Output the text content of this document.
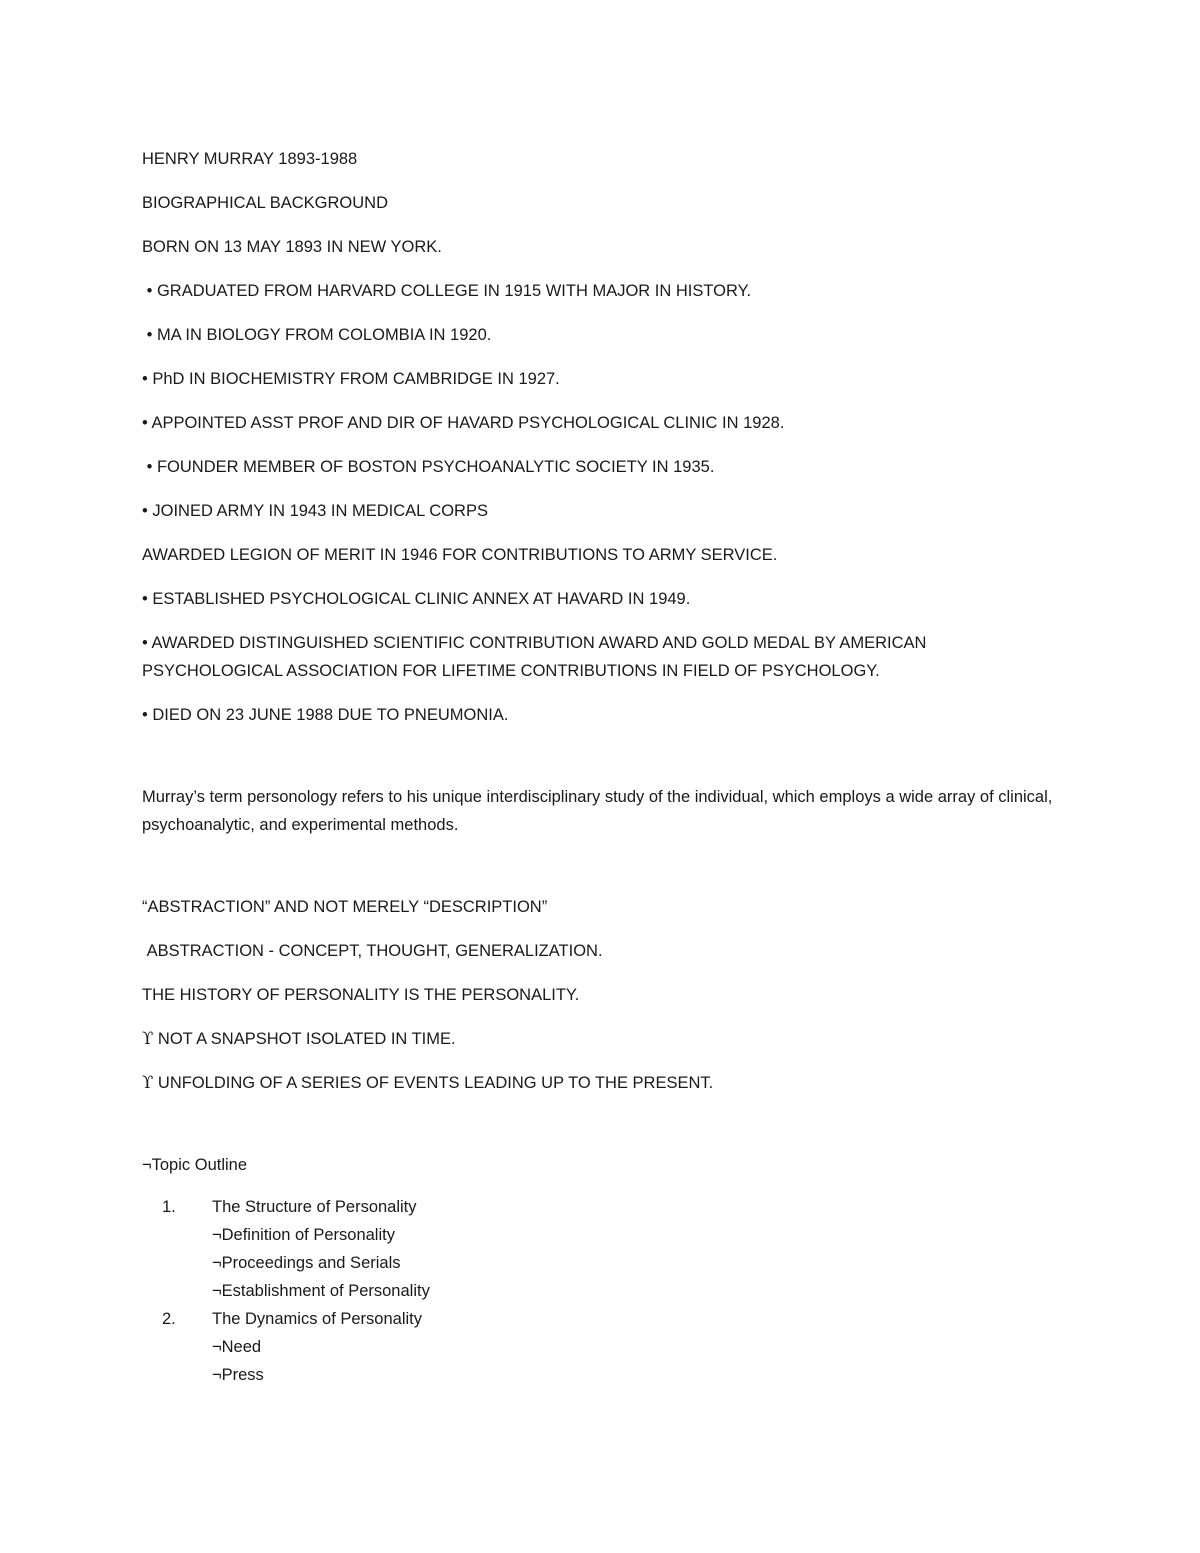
HENRY MURRAY 1893-1988

BIOGRAPHICAL BACKGROUND

BORN ON 13 MAY 1893 IN NEW YORK.

• GRADUATED FROM HARVARD COLLEGE IN 1915 WITH MAJOR IN HISTORY.

• MA IN BIOLOGY FROM COLOMBIA IN 1920.

• PhD IN BIOCHEMISTRY FROM CAMBRIDGE IN 1927.

• APPOINTED ASST PROF AND DIR OF HAVARD PSYCHOLOGICAL CLINIC IN 1928.

• FOUNDER MEMBER OF BOSTON PSYCHOANALYTIC SOCIETY IN 1935.

• JOINED ARMY IN 1943 IN MEDICAL CORPS

AWARDED LEGION OF MERIT IN 1946 FOR CONTRIBUTIONS TO ARMY SERVICE.

• ESTABLISHED PSYCHOLOGICAL CLINIC ANNEX AT HAVARD IN 1949.

• AWARDED DISTINGUISHED SCIENTIFIC CONTRIBUTION AWARD AND GOLD MEDAL BY AMERICAN PSYCHOLOGICAL ASSOCIATION FOR LIFETIME CONTRIBUTIONS IN FIELD OF PSYCHOLOGY.

• DIED ON 23 JUNE 1988 DUE TO PNEUMONIA.

Murray’s term personology refers to his unique interdisciplinary study of the individual, which employs a wide array of clinical, psychoanalytic, and experimental methods.

“ABSTRACTION” AND NOT MERELY “DESCRIPTION”

ABSTRACTION - CONCEPT, THOUGHT, GENERALIZATION.

THE HISTORY OF PERSONALITY IS THE PERSONALITY.

ϒ NOT A SNAPSHOT ISOLATED IN TIME.

ϒ UNFOLDING OF A SERIES OF EVENTS LEADING UP TO THE PRESENT.

¬Topic Outline

1. The Structure of Personality
¬Definition of Personality
¬Proceedings and Serials
¬Establishment of Personality
2. The Dynamics of Personality
¬Need
¬Press
